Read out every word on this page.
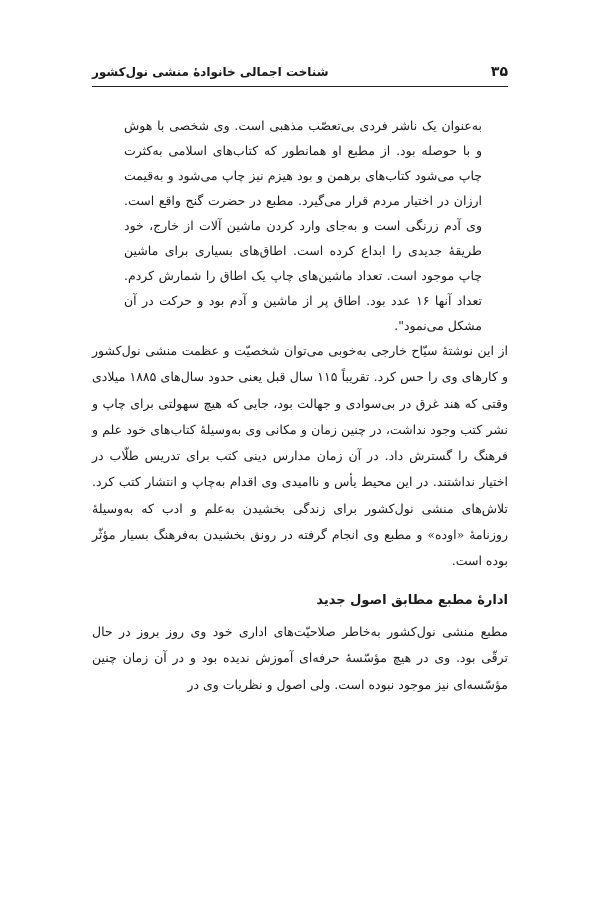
۳۵
شناخت اجمالی خانوادهٔ منشی نول‌کشور

به‌عنوان یک ناشر فردی بی‌تعصّب مذهبی است. وی شخصی با هوش و با حوصله بود. از مطبع او همانطور که کتاب‌های اسلامی به‌کثرت چاپ می‌شود کتاب‌های برهمن و بود هیزم نیز چاپ می‌شود و به‌قیمت ارزان در اختیار مردم قرار می‌گیرد. مطبع در حضرت گنج واقع است. وی آدم زرنگی است و به‌جای وارد کردن ماشین آلات از خارج، خود طریقهٔ جدیدی را ابداع کرده است. اطاق‌های بسیاری برای ماشین چاپ موجود است. تعداد ماشین‌های چاپ یک اطاق را شمارش کردم. تعداد آنها ۱۶ عدد بود. اطاق پر از ماشین و آدم بود و حرکت در آن مشکل می‌نمود".

از این نوشتهٔ سیّاح خارجی به‌خوبی می‌توان شخصیّت و عظمت منشی نول‌کشور و کارهای وی را حس کرد. تقریباً ۱۱۵ سال قبل یعنی حدود سال‌های ۱۸۸۵ میلادی وقتی که هند غرق در بی‌سوادی و جهالت بود، جایی که هیچ سهولتی برای چاپ و نشر کتب وجود نداشت، در چنین زمان و مکانی وی به‌وسیلهٔ کتاب‌های خود علم و فرهنگ را گسترش داد. در آن زمان مدارس دینی کتب برای تدریس طلّاب در اختیار نداشتند. در این محیط یأس و ناامیدی وی اقدام به‌چاپ و انتشار کتب کرد. تلاش‌های منشی نول‌کشور برای زندگی بخشیدن به‌علم و ادب که به‌وسیلهٔ روزنامهٔ «اوده» و مطبع وی انجام گرفته در رونق بخشیدن به‌فرهنگ بسیار مؤثّر بوده است.

ادارهٔ مطبع مطابق اصول جدید

مطبع منشی نول‌کشور به‌خاطر صلاحیّت‌های اداری خود وی روز بروز در حال ترقّی بود. وی در هیچ مؤسّسهٔ حرفه‌ای آموزش ندیده بود و در آن زمان چنین مؤسّسه‌ای نیز موجود نبوده است. ولی اصول و نظریات وی در
